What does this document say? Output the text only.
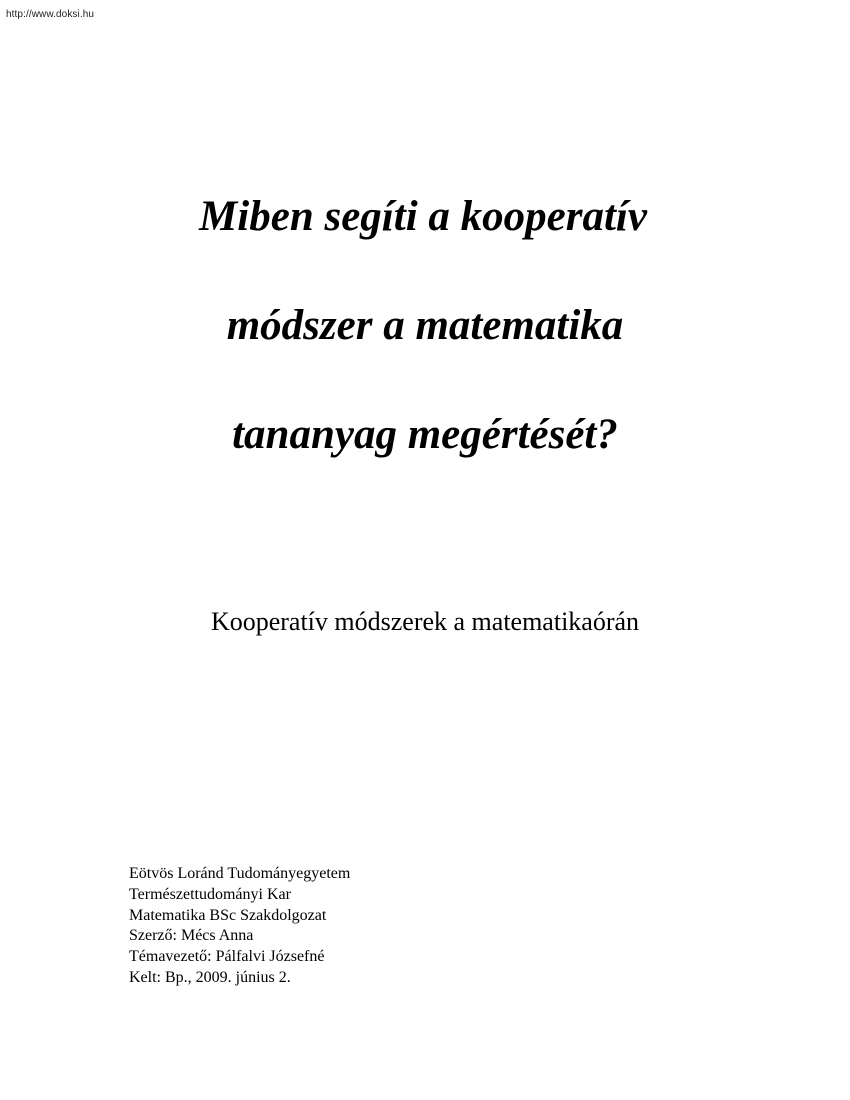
http://www.doksi.hu
Miben segíti a kooperatív
módszer a matematika
tananyag megértését?
Kooperatív módszerek a matematikaórán
Eötvös Loránd Tudományegyetem
Természettudományi Kar
Matematika BSc Szakdolgozat
Szerző: Mécs Anna
Témavezető: Pálfalvi Józsefné
Kelt: Bp., 2009. június 2.
